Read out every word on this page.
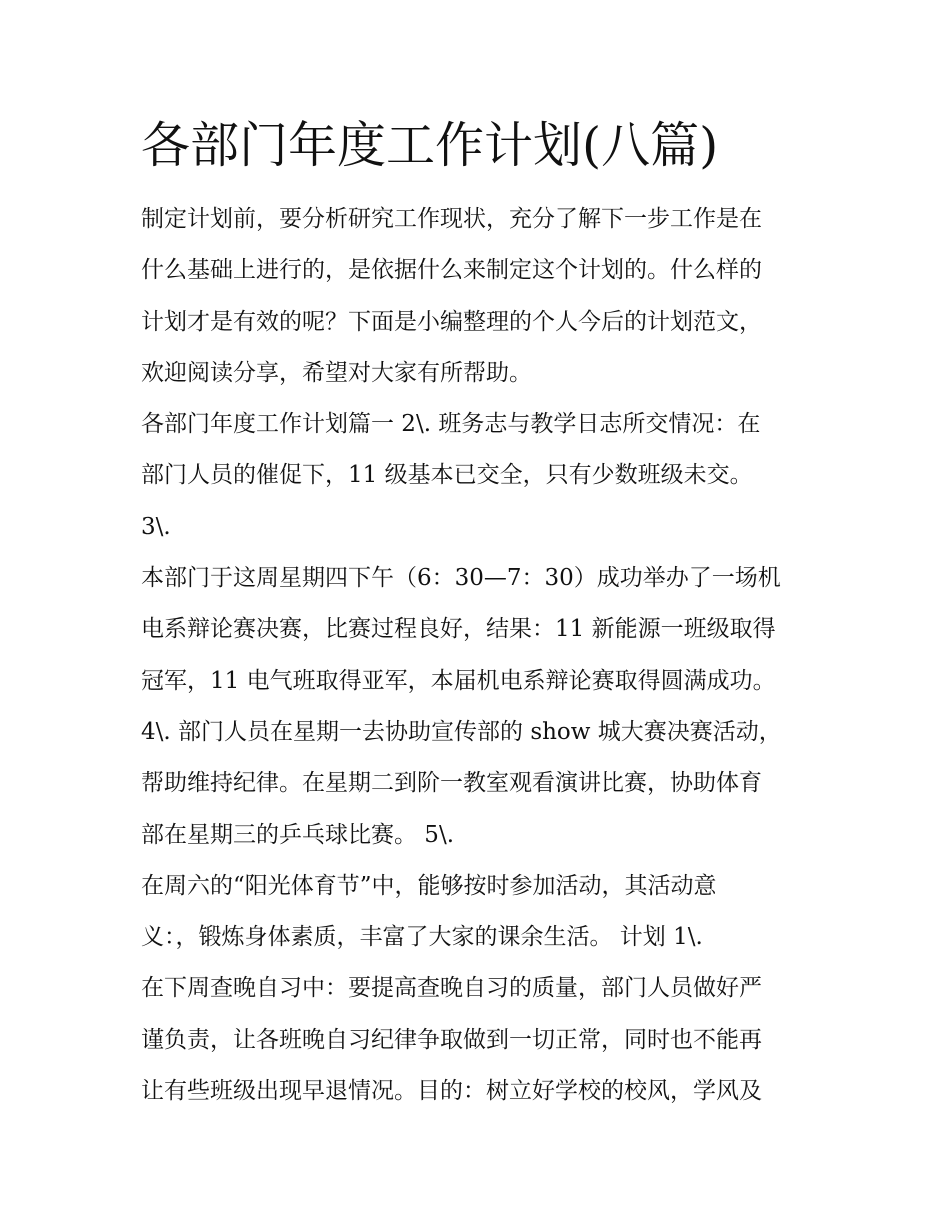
各部门年度工作计划(八篇)
制定计划前，要分析研究工作现状，充分了解下一步工作是在
什么基础上进行的，是依据什么来制定这个计划的。什么样的
计划才是有效的呢？下面是小编整理的个人今后的计划范文，
欢迎阅读分享，希望对大家有所帮助。
各部门年度工作计划篇一 2\. 班务志与教学日志所交情况：在
部门人员的催促下，11 级基本已交全，只有少数班级未交。
3\.
本部门于这周星期四下午（6：30—7：30）成功举办了一场机
电系辩论赛决赛，比赛过程良好，结果：11 新能源一班级取得
冠军，11 电气班取得亚军，本届机电系辩论赛取得圆满成功。
4\. 部门人员在星期一去协助宣传部的 show 城大赛决赛活动，
帮助维持纪律。在星期二到阶一教室观看演讲比赛，协助体育
部在星期三的乒乓球比赛。 5\.
在周六的“阳光体育节”中，能够按时参加活动，其活动意
义：，锻炼身体素质，丰富了大家的课余生活。 计划 1\.
在下周查晚自习中：要提高查晚自习的质量，部门人员做好严
谨负责，让各班晚自习纪律争取做到一切正常，同时也不能再
让有些班级出现早退情况。目的：树立好学校的校风，学风及
